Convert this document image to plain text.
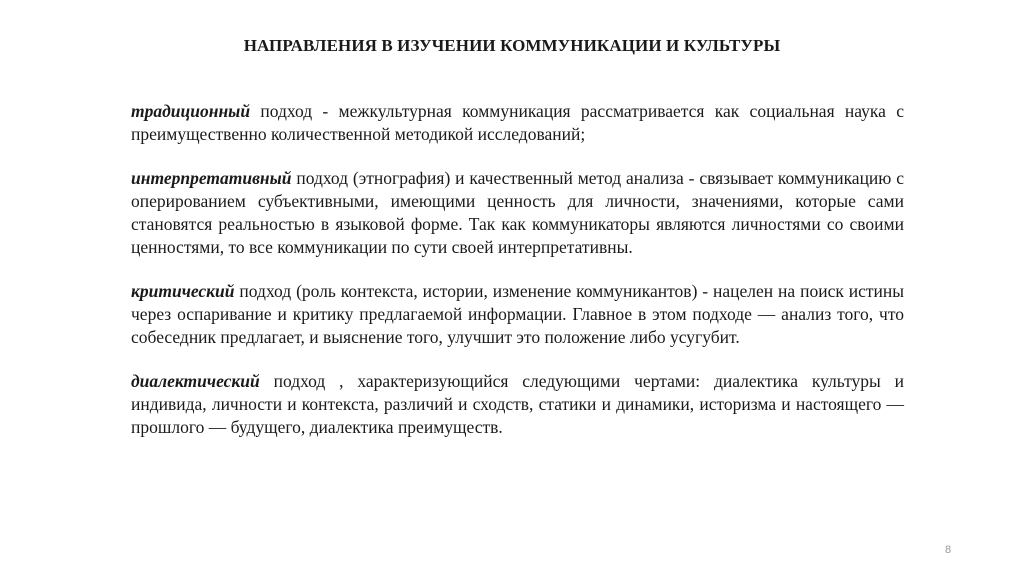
НАПРАВЛЕНИЯ В ИЗУЧЕНИИ КОММУНИКАЦИИ И КУЛЬТУРЫ

традиционный подход - межкультурная коммуникация рассматривается как социальная наука с преимущественно количественной методикой исследований;

интерпретативный подход (этнография) и качественный метод анализа - связывает коммуникацию с оперированием субъективными, имеющими ценность для личности, значениями, которые сами становятся реальностью в языковой форме. Так как коммуникаторы являются личностями со своими ценностями, то все коммуникации по сути своей интерпретативны.

критический подход (роль контекста, истории, изменение коммуникантов) - нацелен на поиск истины через оспаривание и критику предлагаемой информации. Главное в этом подходе — анализ того, что собеседник предлагает, и выяснение того, улучшит это положение либо усугубит.

диалектический подход , характеризующийся следующими чертами: диалектика культуры и индивида, личности и контекста, различий и сходств, статики и динамики, историзма и настоящего — прошлого — будущего, диалектика преимуществ.

8
